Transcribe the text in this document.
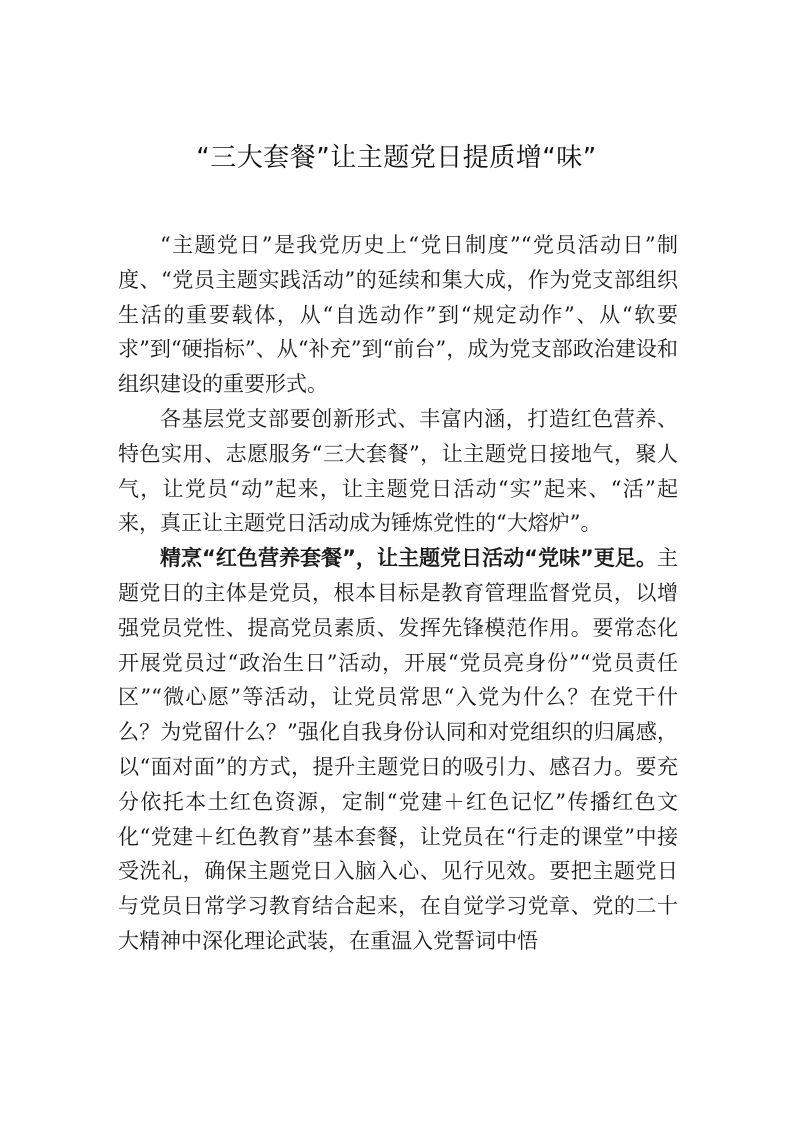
“三大套餐”让主题党日提质增“味”

“主题党日”是我党历史上“党日制度”“党员活动日”制度、“党员主题实践活动”的延续和集大成，作为党支部组织生活的重要载体，从“自选动作”到“规定动作”、从“软要求”到“硬指标”、从“补充”到“前台”，成为党支部政治建设和组织建设的重要形式。

各基层党支部要创新形式、丰富内涵，打造红色营养、特色实用、志愿服务“三大套餐”，让主题党日接地气，聚人气，让党员“动”起来，让主题党日活动“实”起来、“活”起来，真正让主题党日活动成为锤炼党性的“大熔炉”。

精烹“红色营养套餐”，让主题党日活动“党味”更足。主题党日的主体是党员，根本目标是教育管理监督党员，以增强党员党性、提高党员素质、发挥先锋模范作用。要常态化开展党员过“政治生日”活动，开展“党员亮身份”“党员责任区”“微心愿”等活动，让党员常思“入党为什么？在党干什么？为党留什么？”强化自我身份认同和对党组织的归属感，以“面对面”的方式，提升主题党日的吸引力、感召力。要充分依托本土红色资源，定制“党建＋红色记忆”传播红色文化“党建＋红色教育”基本套餐，让党员在“行走的课堂”中接受洗礼，确保主题党日入脑入心、见行见效。要把主题党日与党员日常学习教育结合起来，在自觉学习党章、党的二十大精神中深化理论武装，在重温入党誓词中悟
